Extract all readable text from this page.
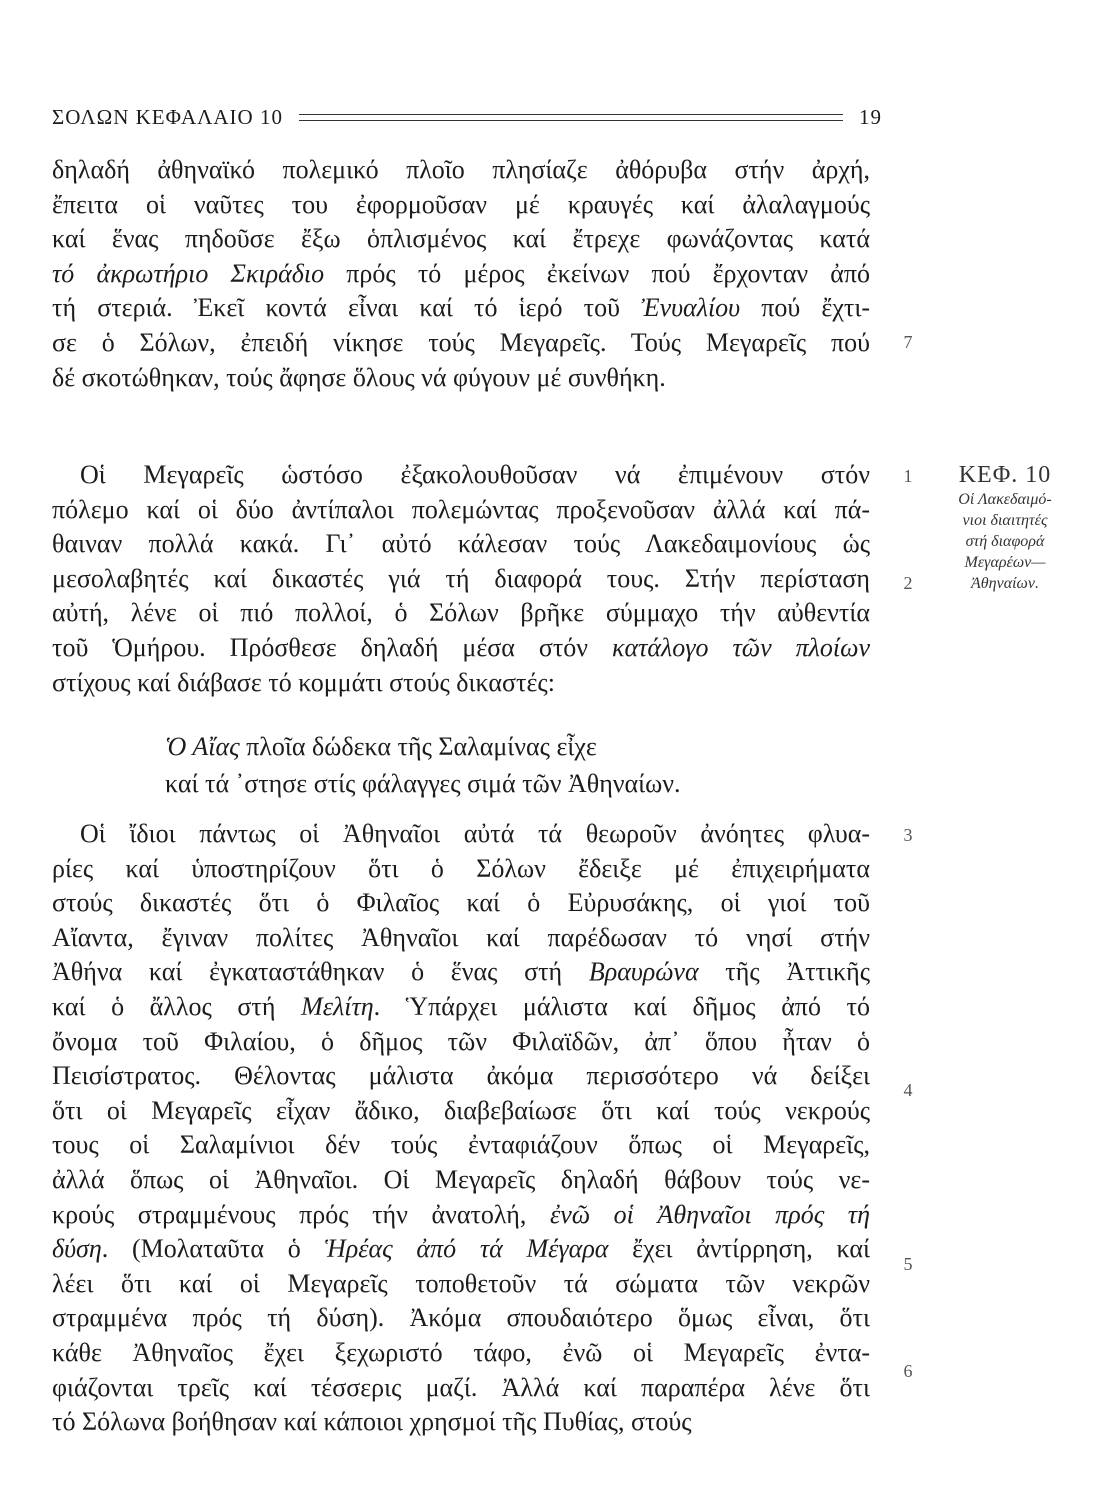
ΣΟΛΩΝ ΚΕΦΑΛΑΙΟ 10	19
δηλαδή ἀθηναϊκό πολεμικό πλοῖο πλησίαζε ἀθόρυβα στήν ἀρχή,
ἔπειτα οἱ ναῦτες του ἐφορμοῦσαν μέ κραυγές καί ἀλαλαγμούς
καί ἕνας πηδοῦσε ἔξω ὁπλισμένος καί ἔτρεχε φωνάζοντας κατά
τό ἀκρωτήριο Σκιράδιο πρός τό μέρος ἐκείνων πού ἔρχονταν ἀπό
τή στεριά. Ἐκεῖ κοντά εἶναι καί τό ἱερό τοῦ Ἐνυαλίου πού ἔχτι-
σε ὁ Σόλων, ἐπειδή νίκησε τούς Μεγαρεῖς. Τούς Μεγαρεῖς πού
δέ σκοτώθηκαν, τούς ἄφησε ὅλους νά φύγουν μέ συνθήκη.
Οἱ Μεγαρεῖς ὡστόσο ἐξακολουθοῦσαν νά ἐπιμένουν στόν
πόλεμο καί οἱ δύο ἀντίπαλοι πολεμώντας προξενοῦσαν ἀλλά καί πά-
θαιναν πολλά κακά. Γι᾿ αὐτό κάλεσαν τούς Λακεδαιμονίους ὡς
μεσολαβητές καί δικαστές γιά τή διαφορά τους. Στήν περίσταση
αὐτή, λένε οἱ πιό πολλοί, ὁ Σόλων βρῆκε σύμμαχο τήν αὐθεντία
τοῦ Ὁμήρου. Πρόσθεσε δηλαδή μέσα στόν κατάλογο τῶν πλοίων
στίχους καί διάβασε τό κομμάτι στούς δικαστές:
Ὁ Αἴας πλοῖα δώδεκα τῆς Σαλαμίνας εἶχε
καί τά ᾿στησε στίς φάλαγγες σιμά τῶν Ἀθηναίων.
Οἱ ἴδιοι πάντως οἱ Ἀθηναῖοι αὐτά τά θεωροῦν ἀνόητες φλυα-
ρίες καί ὑποστηρίζουν ὅτι ὁ Σόλων ἔδειξε μέ ἐπιχειρήματα
στούς δικαστές ὅτι ὁ Φιλαῖος καί ὁ Εὐρυσάκης, οἱ γιοί τοῦ
Αἴαντα, ἔγιναν πολίτες Ἀθηναῖοι καί παρέδωσαν τό νησί στήν
Ἀθήνα καί ἐγκαταστάθηκαν ὁ ἕνας στή Βραυρώνα τῆς Ἀττικῆς
καί ὁ ἄλλος στή Μελίτη. Ὑπάρχει μάλιστα καί δῆμος ἀπό τό
ὄνομα τοῦ Φιλαίου, ὁ δῆμος τῶν Φιλαϊδῶν, ἀπ᾿ ὅπου ἦταν ὁ
Πεισίστρατος. Θέλοντας μάλιστα ἀκόμα περισσότερο νά δείξει
ὅτι οἱ Μεγαρεῖς εἶχαν ἄδικο, διαβεβαίωσε ὅτι καί τούς νεκρούς
τους οἱ Σαλαμίνιοι δέν τούς ἐνταφιάζουν ὅπως οἱ Μεγαρεῖς,
ἀλλά ὅπως οἱ Ἀθηναῖοι. Οἱ Μεγαρεῖς δηλαδή θάβουν τούς νε-
κρούς στραμμένους πρός τήν ἀνατολή, ἐνῶ οἱ Ἀθηναῖοι πρός τή
δύση. (Μολαταῦτα ὁ Ἡρέας ἀπό τά Μέγαρα ἔχει ἀντίρρηση, καί
λέει ὅτι καί οἱ Μεγαρεῖς τοποθετοῦν τά σώματα τῶν νεκρῶν
στραμμένα πρός τή δύση). Ἀκόμα σπουδαιότερο ὅμως εἶναι, ὅτι
κάθε Ἀθηναῖος ἔχει ξεχωριστό τάφο, ἐνῶ οἱ Μεγαρεῖς ἐντα-
φιάζονται τρεῖς καί τέσσερις μαζί. Ἀλλά καί παραπέρα λένε ὅτι
τό Σόλωνα βοήθησαν καί κάποιοι χρησμοί τῆς Πυθίας, στούς
7
1
2
3
4
5
6
ΚΕΦ. 10
Οἱ Λακεδαιμό-
νιοι διαιτητές
στή διαφορά
Μεγαρέων—
Ἀθηναίων.
